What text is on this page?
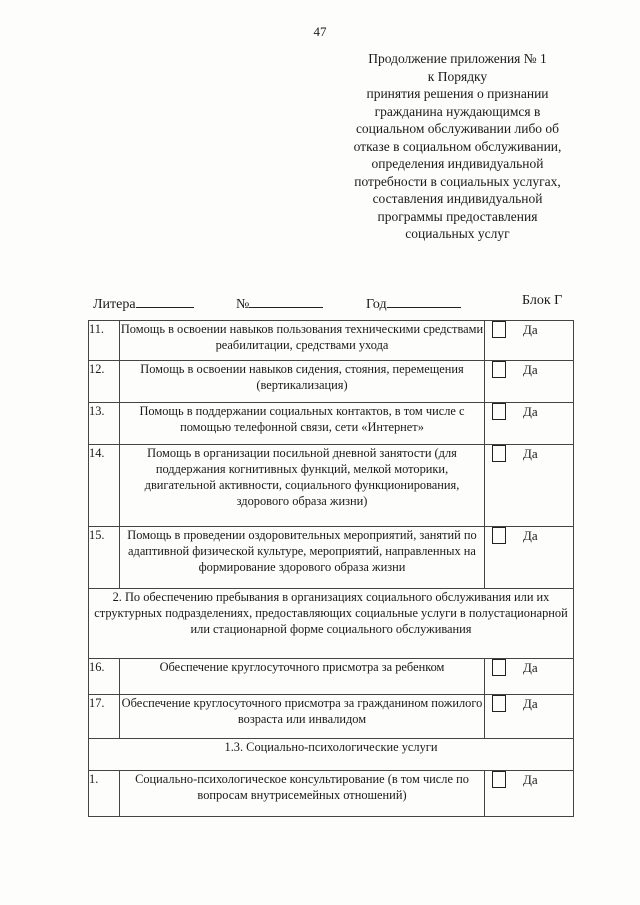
47
Продолжение приложения № 1
к Порядку
принятия решения о признании
гражданина нуждающимся в
социальном обслуживании либо об
отказе в социальном обслуживании,
определения индивидуальной
потребности в социальных услугах,
составления индивидуальной
программы предоставления
социальных услуг
Литера	№	Год	Блок Г
11.	Помощь в освоении навыков пользования техническими средствами реабилитации, средствами ухода	Да

12.	Помощь в освоении навыков сидения, стояния, перемещения (вертикализация)	Да

13.	Помощь в поддержании социальных контактов, в том числе с помощью телефонной связи, сети «Интернет»	Да

14.	Помощь в организации посильной дневной занятости (для поддержания когнитивных функций, мелкой моторики, двигательной активности, социального функционирования, здорового образа жизни)	Да

15.	Помощь в проведении оздоровительных мероприятий, занятий по адаптивной физической культуре, мероприятий, направленных на формирование здорового образа жизни	Да

2. По обеспечению пребывания в организациях социального обслуживания или их структурных подразделениях, предоставляющих социальные услуги в полустационарной или стационарной форме социального обслуживания		
16.	Обеспечение круглосуточного присмотра за ребенком	Да

17.	Обеспечение круглосуточного присмотра за гражданином пожилого возраста или инвалидом	Да

1.3. Социально-психологические услуги		
1.	Социально-психологическое консультирование (в том числе по вопросам внутрисемейных отношений)	Да
